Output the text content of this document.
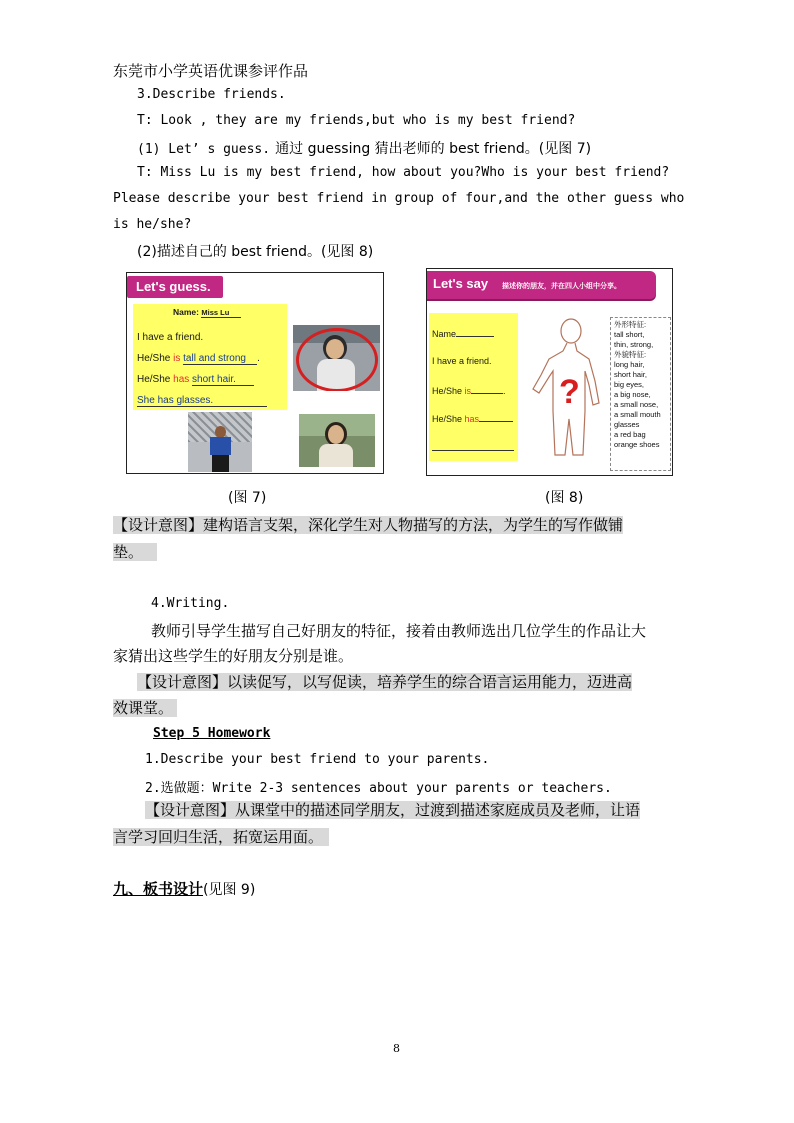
东莞市小学英语优课参评作品
3.Describe friends.
T: Look , they are my friends,but who is my best friend?
(1) Let’ s guess. 通过 guessing 猜出老师的 best friend。(见图 7)
T: Miss Lu is my best friend, how about you?Who is your best friend?
Please describe your best friend in group of four,and the other guess who
is he/she?
(2)描述自己的 best friend。(见图 8)
Let's guess.
Name: Miss Lu
I have a friend.
He/She is tall and strong .
He/She has short hair.
She has glasses.
Let's say 描述你的朋友，并在四人小组中分享。
Name
I have a friend.
He/She is	.
He/She has
?
外形特征:
tall short,
thin, strong,
外貌特征:
long hair,
short hair,
big eyes,
a big nose,
a small nose,
a small mouth
glasses
a red bag
orange shoes
(图 7)	(图 8)
【设计意图】建构语言支架，深化学生对人物描写的方法，为学生的写作做铺
垫。
4.Writing.
教师引导学生描写自己好朋友的特征，接着由教师选出几位学生的作品让大
家猜出这些学生的好朋友分别是谁。
【设计意图】以读促写，以写促读，培养学生的综合语言运用能力，迈进高
效课堂。
Step 5 Homework
1.Describe your best friend to your parents.
2.选做题：Write 2-3 sentences about your parents or teachers.
【设计意图】从课堂中的描述同学朋友，过渡到描述家庭成员及老师，让语
言学习回归生活，拓宽运用面。
九、板书设计(见图 9)
8
